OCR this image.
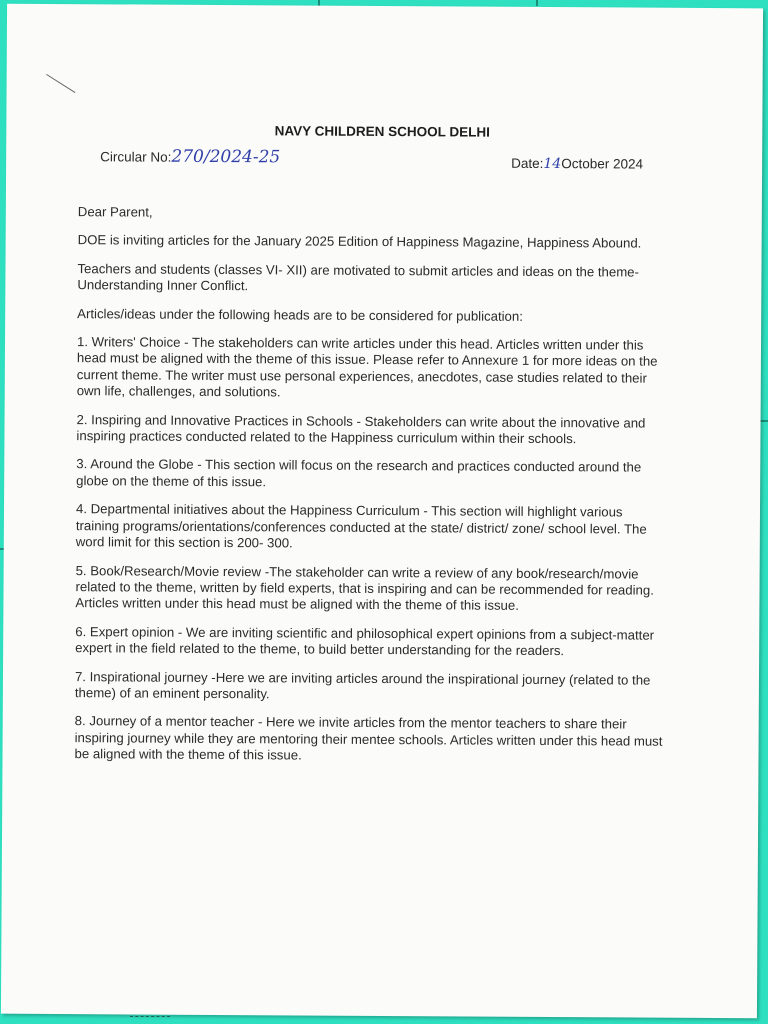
NAVY CHILDREN SCHOOL DELHI
Circular No:270/2024-25	Date:14October 2024

Dear Parent,

DOE is inviting articles for the January 2025 Edition of Happiness Magazine, Happiness Abound.

Teachers and students (classes VI- XII) are motivated to submit articles and ideas on the theme- Understanding Inner Conflict.

Articles/ideas under the following heads are to be considered for publication:

1. Writers' Choice - The stakeholders can write articles under this head. Articles written under this head must be aligned with the theme of this issue. Please refer to Annexure 1 for more ideas on the current theme. The writer must use personal experiences, anecdotes, case studies related to their own life, challenges, and solutions.

2. Inspiring and Innovative Practices in Schools - Stakeholders can write about the innovative and inspiring practices conducted related to the Happiness curriculum within their schools.

3. Around the Globe - This section will focus on the research and practices conducted around the globe on the theme of this issue.

4. Departmental initiatives about the Happiness Curriculum - This section will highlight various training programs/orientations/conferences conducted at the state/ district/ zone/ school level. The word limit for this section is 200- 300.

5. Book/Research/Movie review -The stakeholder can write a review of any book/research/movie related to the theme, written by field experts, that is inspiring and can be recommended for reading. Articles written under this head must be aligned with the theme of this issue.

6. Expert opinion - We are inviting scientific and philosophical expert opinions from a subject-matter expert in the field related to the theme, to build better understanding for the readers.

7. Inspirational journey -Here we are inviting articles around the inspirational journey (related to the theme) of an eminent personality.

8. Journey of a mentor teacher - Here we invite articles from the mentor teachers to share their inspiring journey while they are mentoring their mentee schools. Articles written under this head must be aligned with the theme of this issue.
